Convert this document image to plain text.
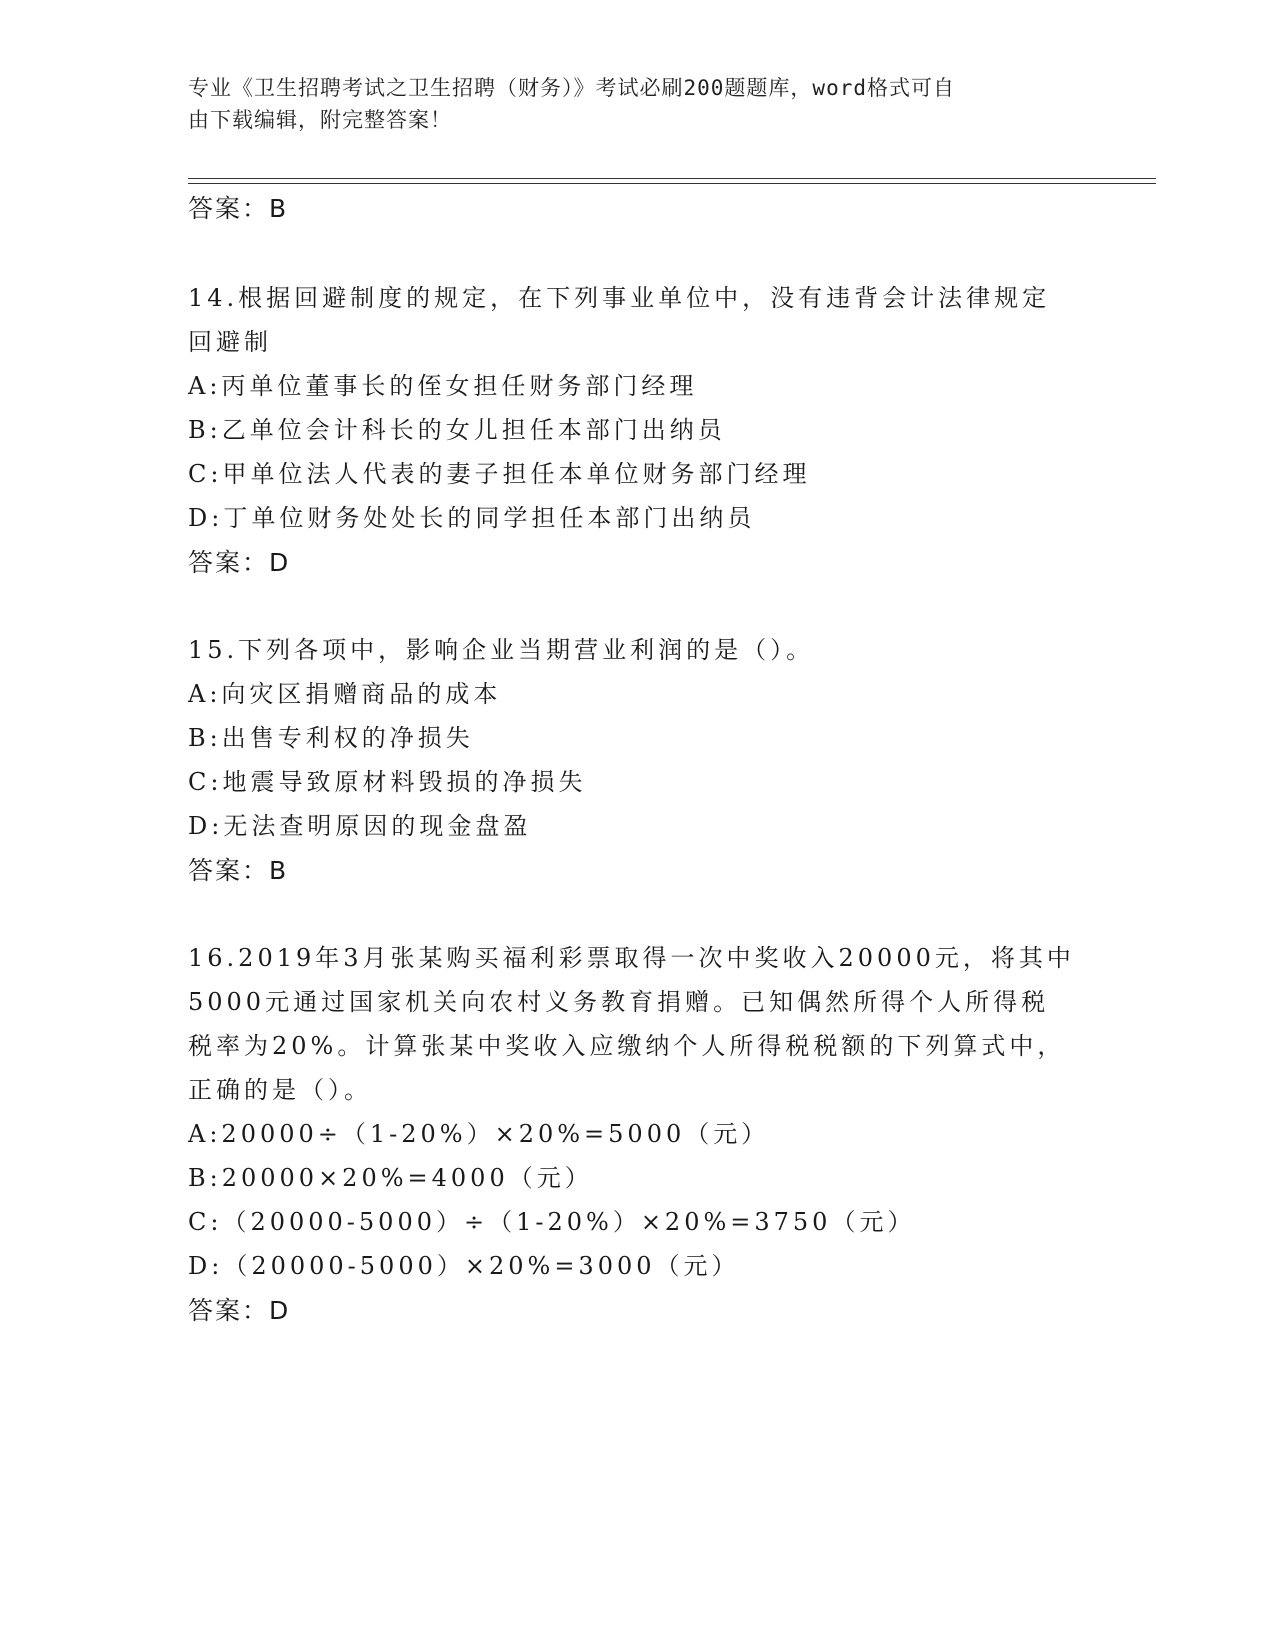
专业《卫生招聘考试之卫生招聘（财务）》考试必刷200题题库，word格式可自
由下载编辑，附完整答案！
答案：B
14.根据回避制度的规定，在下列事业单位中，没有违背会计法律规定
回避制
A:丙单位董事长的侄女担任财务部门经理
B:乙单位会计科长的女儿担任本部门出纳员
C:甲单位法人代表的妻子担任本单位财务部门经理
D:丁单位财务处处长的同学担任本部门出纳员
答案：D
15.下列各项中，影响企业当期营业利润的是（）。
A:向灾区捐赠商品的成本
B:出售专利权的净损失
C:地震导致原材料毁损的净损失
D:无法查明原因的现金盘盈
答案：B
16.2019年3月张某购买福利彩票取得一次中奖收入20000元，将其中
5000元通过国家机关向农村义务教育捐赠。已知偶然所得个人所得税
税率为20%。计算张某中奖收入应缴纳个人所得税税额的下列算式中，
正确的是（）。
A:20000÷（1-20%）×20%=5000（元）
B:20000×20%=4000（元）
C:（20000-5000）÷（1-20%）×20%=3750（元）
D:（20000-5000）×20%=3000（元）
答案：D
